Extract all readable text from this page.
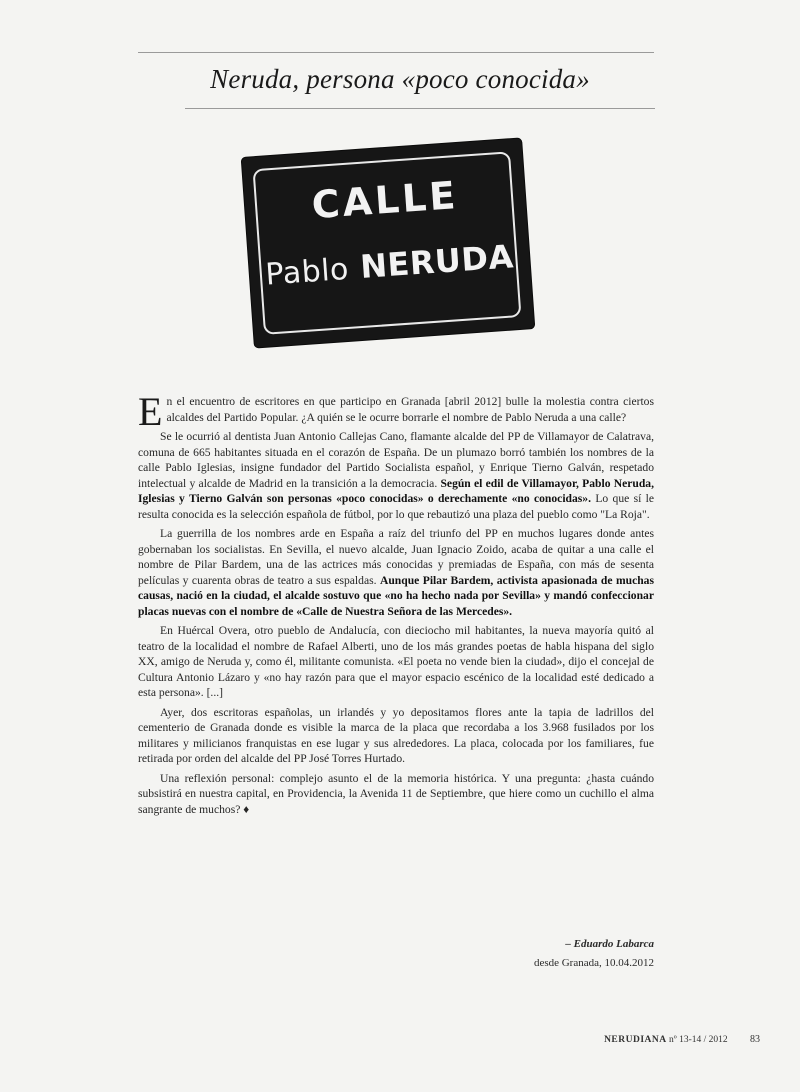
Neruda, persona «poco conocida»
CALLE
Pablo NERUDA

En el encuentro de escritores en que participo en Granada [abril 2012] bulle la molestia contra ciertos alcaldes del Partido Popular. ¿A quién se le ocurre borrarle el nombre de Pablo Neruda a una calle?

Se le ocurrió al dentista Juan Antonio Callejas Cano, flamante alcalde del PP de Villamayor de Calatrava, comuna de 665 habitantes situada en el corazón de España. De un plumazo borró también los nombres de la calle Pablo Iglesias, insigne fundador del Partido Socialista español, y Enrique Tierno Galván, respetado intelectual y alcalde de Madrid en la transición a la democracia. Según el edil de Villamayor, Pablo Neruda, Iglesias y Tierno Galván son personas «poco conocidas» o derechamente «no conocidas». Lo que sí le resulta conocida es la selección española de fútbol, por lo que rebautizó una plaza del pueblo como "La Roja".

La guerrilla de los nombres arde en España a raíz del triunfo del PP en muchos lugares donde antes gobernaban los socialistas. En Sevilla, el nuevo alcalde, Juan Ignacio Zoido, acaba de quitar a una calle el nombre de Pilar Bardem, una de las actrices más conocidas y premiadas de España, con más de sesenta películas y cuarenta obras de teatro a sus espaldas. Aunque Pilar Bardem, activista apasionada de muchas causas, nació en la ciudad, el alcalde sostuvo que «no ha hecho nada por Sevilla» y mandó confeccionar placas nuevas con el nombre de «Calle de Nuestra Señora de las Mercedes».

En Huércal Overa, otro pueblo de Andalucía, con dieciocho mil habitantes, la nueva mayoría quitó al teatro de la localidad el nombre de Rafael Alberti, uno de los más grandes poetas de habla hispana del siglo XX, amigo de Neruda y, como él, militante comunista. «El poeta no vende bien la ciudad», dijo el concejal de Cultura Antonio Lázaro y «no hay razón para que el mayor espacio escénico de la localidad esté dedicado a esta persona». [...]

Ayer, dos escritoras españolas, un irlandés y yo depositamos flores ante la tapia de ladrillos del cementerio de Granada donde es visible la marca de la placa que recordaba a los 3.968 fusilados por los militares y milicianos franquistas en ese lugar y sus alrededores. La placa, colocada por los familiares, fue retirada por orden del alcalde del PP José Torres Hurtado.

Una reflexión personal: complejo asunto el de la memoria histórica. Y una pregunta: ¿hasta cuándo subsistirá en nuestra capital, en Providencia, la Avenida 11 de Septiembre, que hiere como un cuchillo el alma sangrante de muchos? ♦

– Eduardo Labarca
desde Granada, 10.04.2012
NERUDIANA nº 13-14 / 2012 83
